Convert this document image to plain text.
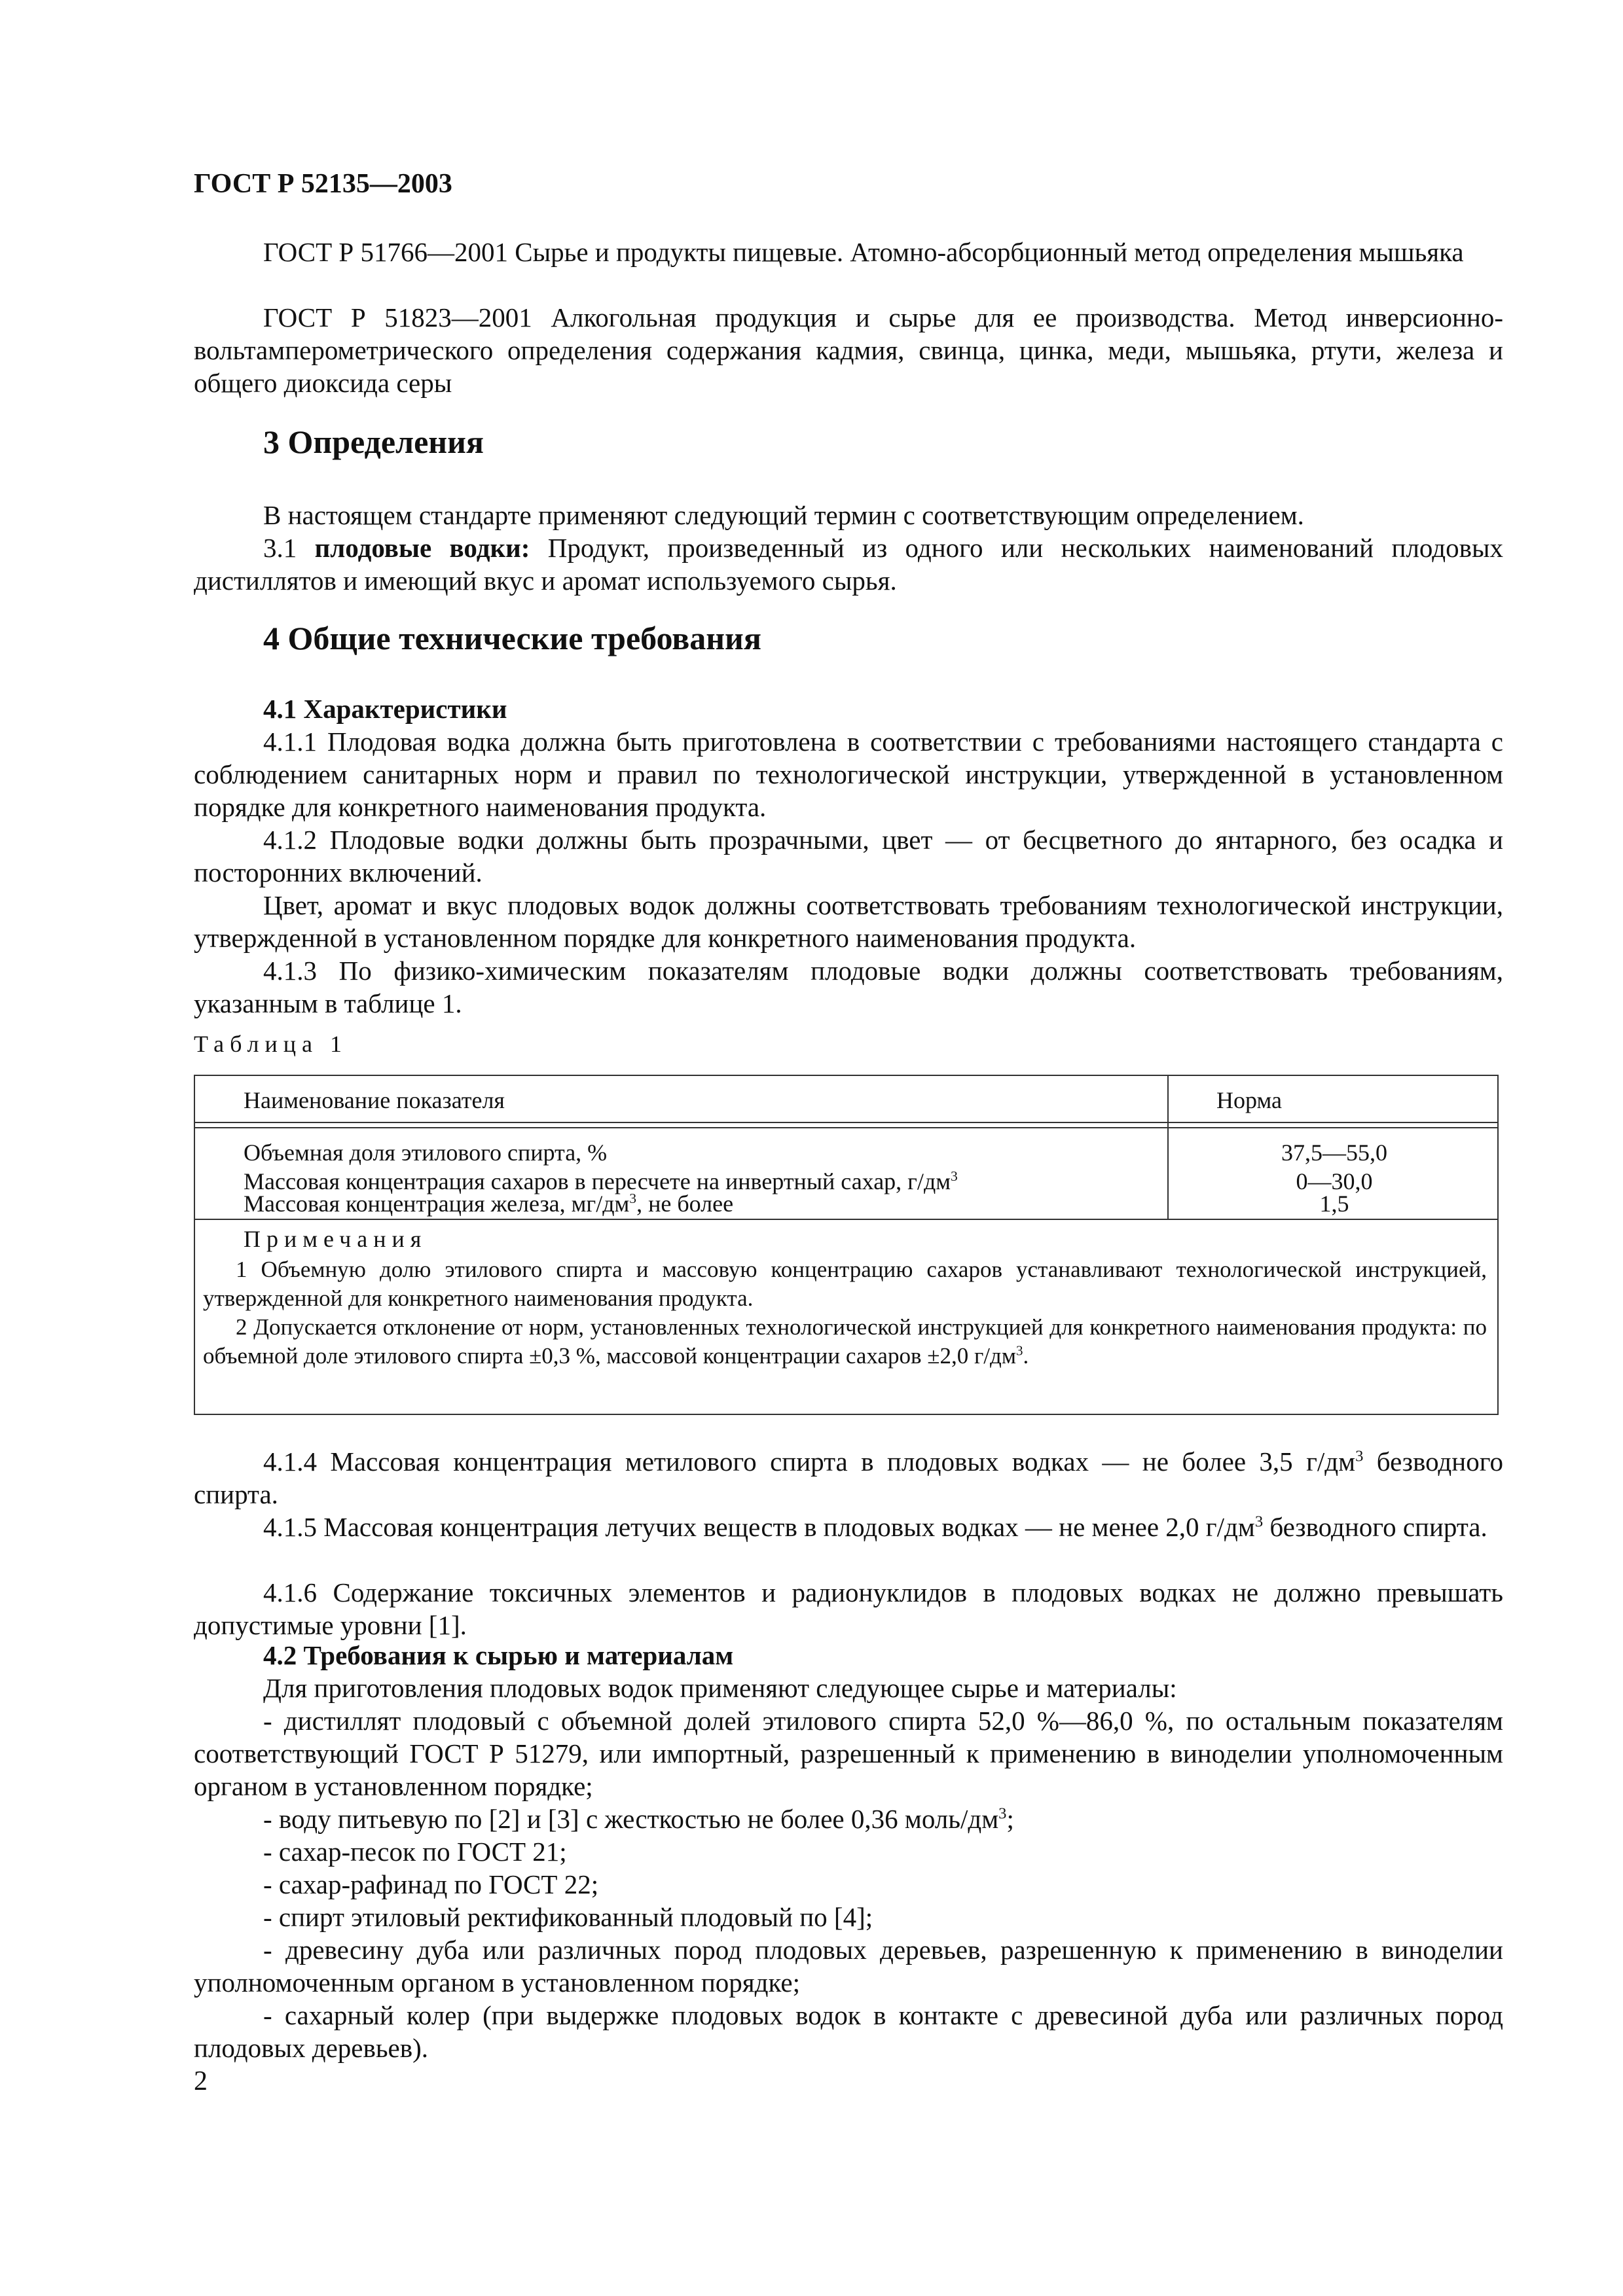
ГОСТ Р 52135—2003

ГОСТ Р 51766—2001 Сырье и продукты пищевые. Атомно-абсорбционный метод определения мышьяка

ГОСТ Р 51823—2001 Алкогольная продукция и сырье для ее производства. Метод инверсионно-вольтамперометрического определения содержания кадмия, свинца, цинка, меди, мышьяка, ртути, железа и общего диоксида серы

3 Определения

В настоящем стандарте применяют следующий термин с соответствующим определением.

3.1 плодовые водки: Продукт, произведенный из одного или нескольких наименований плодовых дистиллятов и имеющий вкус и аромат используемого сырья.

4 Общие технические требования
4.1 Характеристики

4.1.1 Плодовая водка должна быть приготовлена в соответствии с требованиями настоящего стандарта с соблюдением санитарных норм и правил по технологической инструкции, утвержденной в установленном порядке для конкретного наименования продукта.

4.1.2 Плодовые водки должны быть прозрачными, цвет — от бесцветного до янтарного, без осадка и посторонних включений.

Цвет, аромат и вкус плодовых водок должны соответствовать требованиям технологической инструкции, утвержденной в установленном порядке для конкретного наименования продукта.

4.1.3 По физико-химическим показателям плодовые водки должны соответствовать требованиям, указанным в таблице 1.

Таблица 1
Наименование показателя	Норма
Объемная доля этилового спирта, %	37,5—55,0
Массовая концентрация сахаров в пересчете на инвертный сахар, $г/дм^3$	0—30,0
Массовая концентрация железа, $мг/дм^3$, не более	1,5
Примечания
1 Объемную долю этилового спирта и массовую концентрацию сахаров устанавливают технологической инструкцией, утвержденной для конкретного наименования продукта.
2 Допускается отклонение от норм, установленных технологической инструкцией для конкретного наименования продукта: по объемной доле этилового спирта ±0,3 %, массовой концентрации сахаров ±2,0 $г/дм^3$.

4.1.4 Массовая концентрация метилового спирта в плодовых водках — не более 3,5 $г/дм^3$ безводного спирта.

4.1.5 Массовая концентрация летучих веществ в плодовых водках — не менее 2,0 $г/дм^3$ безводного спирта.

4.1.6 Содержание токсичных элементов и радионуклидов в плодовых водках не должно превышать допустимые уровни [1].

4.2 Требования к сырью и материалам

Для приготовления плодовых водок применяют следующее сырье и материалы:

- дистиллят плодовый с объемной долей этилового спирта 52,0 %—86,0 %, по остальным показателям соответствующий ГОСТ Р 51279, или импортный, разрешенный к применению в виноделии уполномоченным органом в установленном порядке;

- воду питьевую по [2] и [3] с жесткостью не более 0,36 моль/$дм^3$;

- сахар-песок по ГОСТ 21;

- сахар-рафинад по ГОСТ 22;

- спирт этиловый ректификованный плодовый по [4];

- древесину дуба или различных пород плодовых деревьев, разрешенную к применению в виноделии уполномоченным органом в установленном порядке;

- сахарный колер (при выдержке плодовых водок в контакте с древесиной дуба или различных пород плодовых деревьев).

2
